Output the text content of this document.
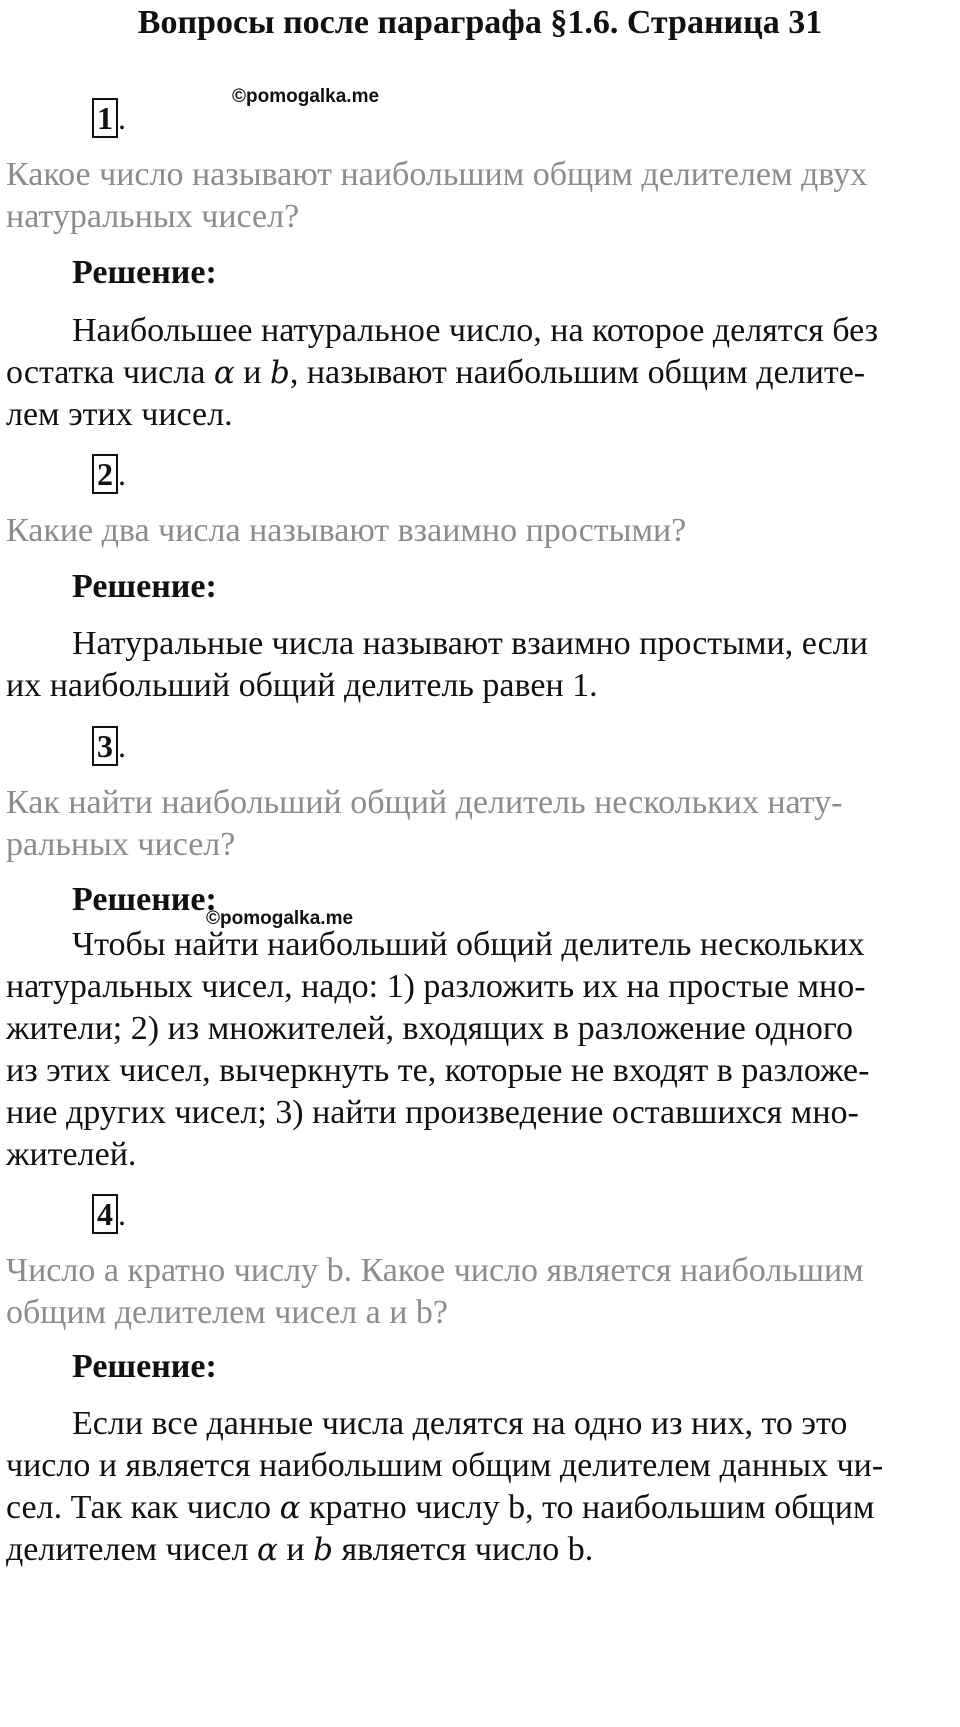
Вопросы после параграфа §1.6. Страница 31
©pomogalka.me
1 .
Какое число называют наибольшим общим делителем двух
натуральных чисел?
Решение:
Наибольшее натуральное число, на которое делятся без
остатка числа α и b, называют наибольшим общим делите-
лем этих чисел.
2 .
Какие два числа называют взаимно простыми?
Решение:
Натуральные числа называют взаимно простыми, если
их наибольший общий делитель равен 1.
3 .
Как найти наибольший общий делитель нескольких нату-
ральных чисел?
Решение:
©pomogalka.me
Чтобы найти наибольший общий делитель нескольких
натуральных чисел, надо: 1) разложить их на простые мно-
жители; 2) из множителей, входящих в разложение одного
из этих чисел, вычеркнуть те, которые не входят в разложе-
ние других чисел; 3) найти произведение оставшихся мно-
жителей.
4 .
Число a кратно числу b. Какое число является наибольшим
общим делителем чисел a и b?
Решение:
Если все данные числа делятся на одно из них, то это
число и является наибольшим общим делителем данных чи-
сел. Так как число α кратно числу b, то наибольшим общим
делителем чисел α и b является число b.
